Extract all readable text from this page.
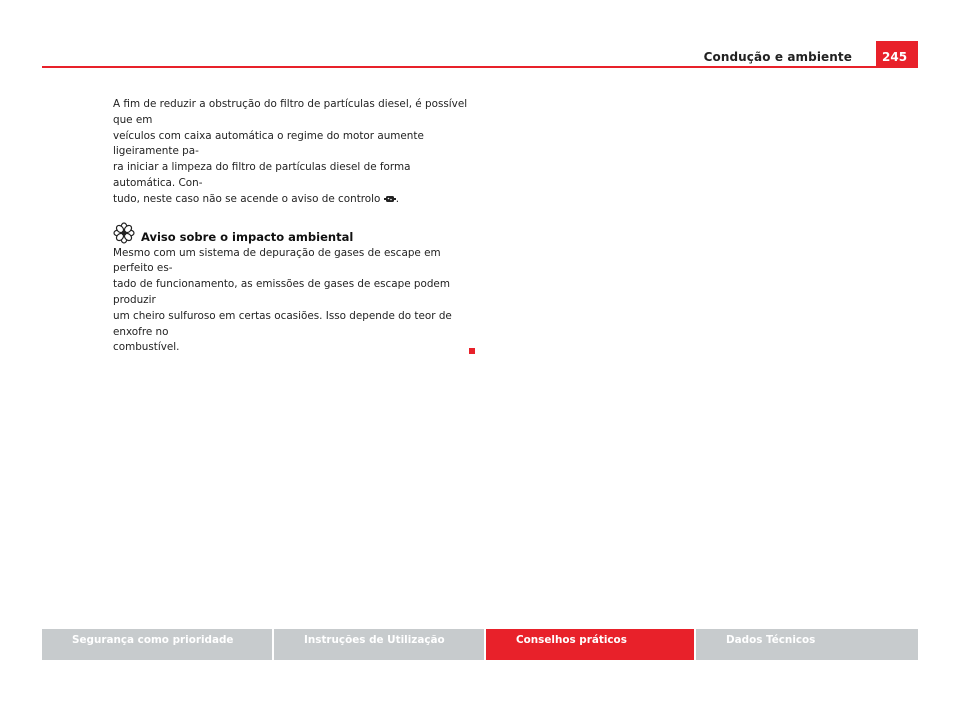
Condução e ambiente	245

A fim de reduzir a obstrução do filtro de partículas diesel, é possível que em
veículos com caixa automática o regime do motor aumente ligeiramente pa-
ra iniciar a limpeza do filtro de partículas diesel de forma automática. Con-
tudo, neste caso não se acende o aviso de controlo .

Aviso sobre o impacto ambiental
Mesmo com um sistema de depuração de gases de escape em perfeito es-
tado de funcionamento, as emissões de gases de escape podem produzir
um cheiro sulfuroso em certas ocasiões. Isso depende do teor de enxofre no
combustível.
Segurança como prioridade	Instruções de Utilização	Conselhos práticos	Dados Técnicos
